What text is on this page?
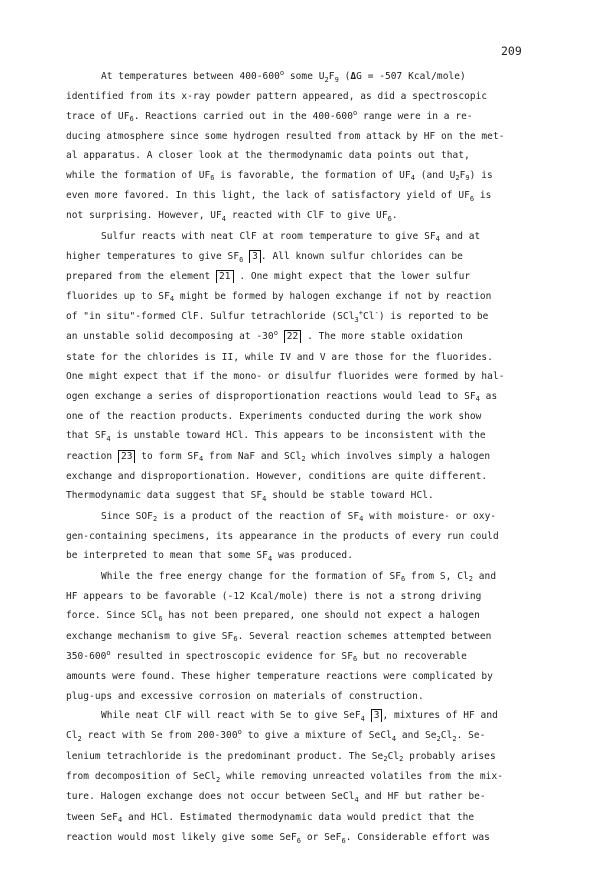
209
At temperatures between 400-600$^o$ some $U_2F_9$ (ΔG = -507 Kcal/mole)
identified from its x-ray powder pattern appeared, as did a spectroscopic
trace of $UF_6$. Reactions carried out in the 400-600$^o$ range were in a re-
ducing atmosphere since some hydrogen resulted from attack by HF on the met-
al apparatus. A closer look at the thermodynamic data points out that,
while the formation of $UF_6$ is favorable, the formation of $UF_4$ (and $U_2F_9$) is
even more favored. In this light, the lack of satisfactory yield of $UF_6$ is
not surprising. However, $UF_4$ reacted with ClF to give $UF_6$.
Sulfur reacts with neat ClF at room temperature to give $SF_4$ and at
higher temperatures to give $SF_6$ 3 . All known sulfur chlorides can be
prepared from the element 21 . One might expect that the lower sulfur
fluorides up to $SF_4$ might be formed by halogen exchange if not by reaction
of "in situ"-formed ClF. Sulfur tetrachloride (SCl$_3$+Cl-) is reported to be
an unstable solid decomposing at -30$^o$ 22 . The more stable oxidation
state for the chlorides is II, while IV and V are those for the fluorides.
One might expect that if the mono- or disulfur fluorides were formed by hal-
ogen exchange a series of disproportionation reactions would lead to $SF_4$ as
one of the reaction products. Experiments conducted during the work show
that $SF_4$ is unstable toward HCl. This appears to be inconsistent with the
reaction 23 to form $SF_4$ from NaF and SCl$_2$ which involves simply a halogen
exchange and disproportionation. However, conditions are quite different.
Thermodynamic data suggest that $SF_4$ should be stable toward HCl.
Since $SOF_2$ is a product of the reaction of $SF_4$ with moisture- or oxy-
gen-containing specimens, its appearance in the products of every run could
be interpreted to mean that some $SF_4$ was produced.
While the free energy change for the formation of $SF_6$ from S, $Cl_2$ and
HF appears to be favorable (-12 Kcal/mole) there is not a strong driving
force. Since SCl$_6$ has not been prepared, one should not expect a halogen
exchange mechanism to give $SF_6$. Several reaction schemes attempted between
350-600$^o$ resulted in spectroscopic evidence for $SF_6$ but no recoverable
amounts were found. These higher temperature reactions were complicated by
plug-ups and excessive corrosion on materials of construction.
While neat ClF will react with Se to give SeF$_4$ 3 , mixtures of HF and
$Cl_2$ react with Se from 200-300$^o$ to give a mixture of SeCl$_4$ and $Se_2Cl_2$. Se-
lenium tetrachloride is the predominant product. The $Se_2Cl_2$ probably arises
from decomposition of SeCl$_2$ while removing unreacted volatiles from the mix-
ture. Halogen exchange does not occur between SeCl$_4$ and HF but rather be-
tween SeF$_4$ and HCl. Estimated thermodynamic data would predict that the
reaction would most likely give some SeF$_6$ or SeF$_6$. Considerable effort was
